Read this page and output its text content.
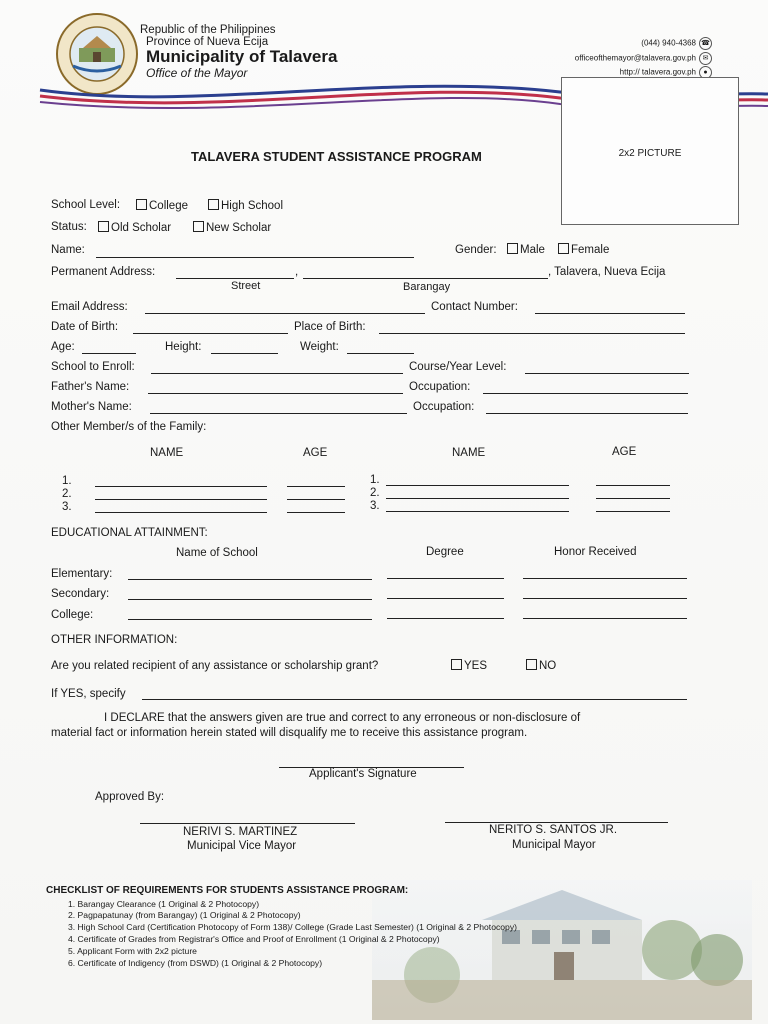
Republic of the Philippines
Province of Nueva Ecija
Municipality of Talavera
Office of the Mayor
(044) 940-4368 ☎
officeofthemayor@talavera.gov.ph ✉
http:// talavera.gov.ph ●
2x2 PICTURE
TALAVERA STUDENT ASSISTANCE PROGRAM
School Level:	College	High School
Status:	Old Scholar	New Scholar
Name:	Gender:	Male	Female
Permanent Address:	,	, Talavera, Nueva Ecija
Street	Barangay
Email Address:	Contact Number:
Date of Birth:	Place of Birth:
Age:	Height:	Weight:
School to Enroll:	Course/Year Level:
Father's Name:	Occupation:
Mother's Name:	Occupation:
Other Member/s of the Family:
NAME	AGE	NAME	AGE
1.
2.
3.
1.
2.
3.
EDUCATIONAL ATTAINMENT:
Name of School	Degree	Honor Received
Elementary:
Secondary:
College:
OTHER INFORMATION:
Are you related recipient of any assistance or scholarship grant?	YES	NO
If YES, specify
I DECLARE that the answers given are true and correct to any erroneous or non-disclosure of
material fact or information herein stated will disqualify me to receive this assistance program.
Applicant's Signature
Approved By:
NERIVI S. MARTINEZ
Municipal Vice Mayor
NERITO S. SANTOS JR.
Municipal Mayor
CHECKLIST OF REQUIREMENTS FOR STUDENTS ASSISTANCE PROGRAM:
1. Barangay Clearance (1 Original & 2 Photocopy)
2. Pagpapatunay (from Barangay) (1 Original & 2 Photocopy)
3. High School Card (Certification Photocopy of Form 138)/ College (Grade Last Semester) (1 Original & 2 Photocopy)
4. Certificate of Grades from Registrar's Office and Proof of Enrollment (1 Original & 2 Photocopy)
5. Applicant Form with 2x2 picture
6. Certificate of Indigency (from DSWD) (1 Original & 2 Photocopy)
